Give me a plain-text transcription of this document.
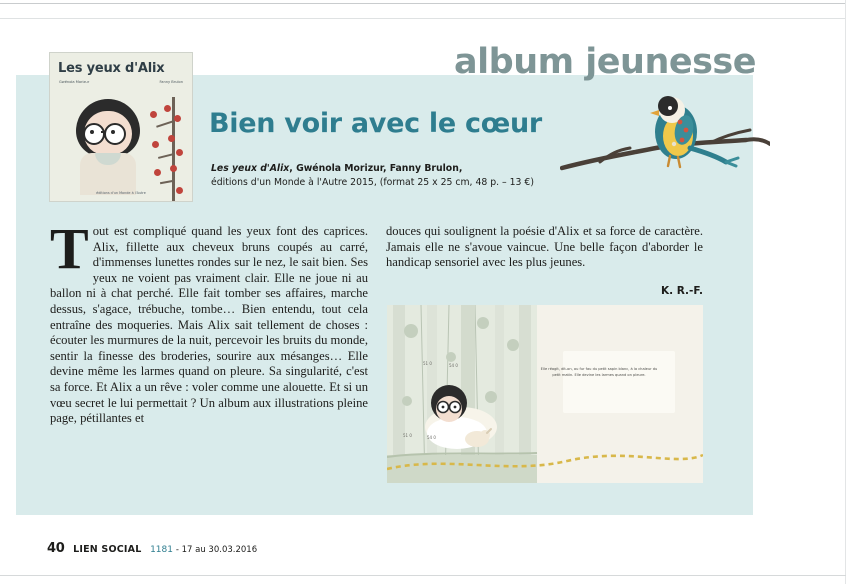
album jeunesse
Les yeux d'Alix
Gwénola Morizur	Fanny Brulon
éditions d'un Monde à l'Autre
Bien voir avec le cœur
Les yeux d'Alix, Gwénola Morizur, Fanny Brulon,
éditions d'un Monde à l'Autre 2015, (format 25 x 25 cm, 48 p. – 13 €)
Tout est compliqué quand les yeux font des caprices. Alix, fillette aux cheveux bruns coupés au carré, d'immenses lunettes rondes sur le nez, le sait bien. Ses yeux ne voient pas vraiment clair. Elle ne joue ni au ballon ni à chat perché. Elle fait tomber ses affaires, marche dessus, s'agace, trébuche, tombe… Bien entendu, tout cela entraîne des moqueries. Mais Alix sait tellement de choses : écouter les murmures de la nuit, percevoir les bruits du monde, sentir la finesse des broderies, sourire aux mésanges… Elle devine même les larmes quand on pleure. Sa singularité, c'est sa force. Et Alix a un rêve : voler comme une alouette. Et si un vœu secret le lui permettait ? Un album aux illustrations pleine page, pétillantes et
douces qui soulignent la poésie d'Alix et sa force de caractère. Jamais elle ne s'avoue vaincue. Une belle façon d'aborder le handicap sensoriel avec les plus jeunes.
K. R.-F.
Elle réagit, dit-on, au fur fau du petit sapin blanc, à la chaleur du petit matin. Elle devine les larmes quand on pleure.
51 0	54 0
51 0	54 0
40 LIEN SOCIAL 1181 - 17 au 30.03.2016
